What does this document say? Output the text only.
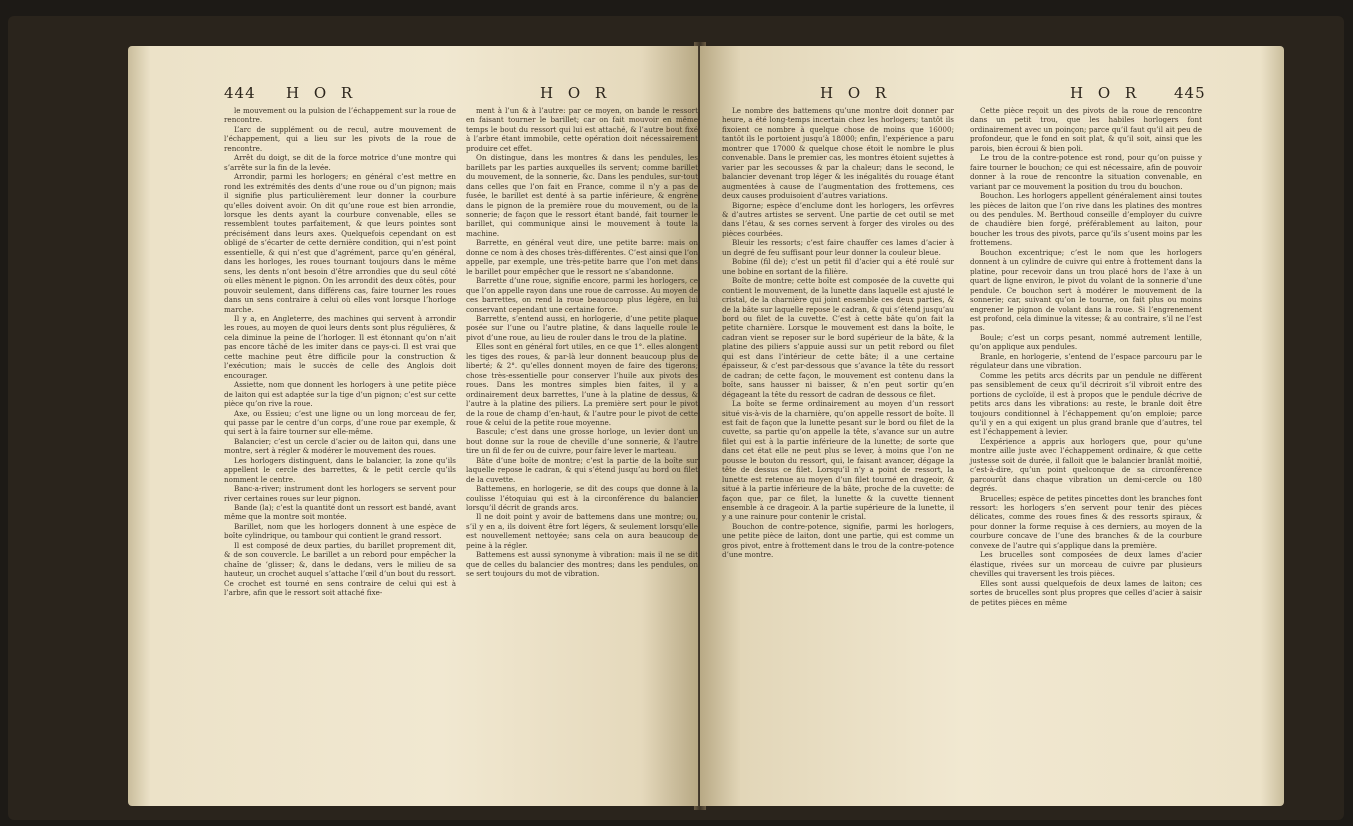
444 H O R	H O R

le mouvement ou la pulsion de l’échappement sur la roue de rencontre.

L’arc de supplément ou de recul, autre mouvement de l’échappement, qui a lieu sur les pivots de la roue de rencontre.

Arrêt du doigt, se dit de la force motrice d’une montre qui s’arrête sur la fin de la levée.

Arrondir, parmi les horlogers; en général c’est mettre en rond les extrémités des dents d’une roue ou d’un pignon; mais il signifie plus particulièrement leur donner la courbure qu’elles doivent avoir. On dit qu’une roue est bien arrondie, lorsque les dents ayant la courbure convenable, elles se ressemblent toutes parfaitement, & que leurs pointes sont précisément dans leurs axes. Quelquefois cependant on est obligé de s’écarter de cette dernière condition, qui n’est point essentielle, & qui n’est que d’agrément, parce qu’en général, dans les horloges, les roues tournant toujours dans le même sens, les dents n’ont besoin d’être arrondies que du seul côté où elles mènent le pignon. On les arrondit des deux côtés, pour pouvoir seulement, dans différens cas, faire tourner les roues dans un sens contraire à celui où elles vont lorsque l’horloge marche.

Il y a, en Angleterre, des machines qui servent à arrondir les roues, au moyen de quoi leurs dents sont plus régulières, & cela diminue la peine de l’horloger. Il est étonnant qu’on n’ait pas encore tâché de les imiter dans ce pays-ci. Il est vrai que cette machine peut être difficile pour la construction & l’exécution; mais le succès de celle des Anglois doit encourager.

Assiette, nom que donnent les horlogers à une petite pièce de laiton qui est adaptée sur la tige d’un pignon; c’est sur cette pièce qu’on rive la roue.

Axe, ou Essieu; c’est une ligne ou un long morceau de fer, qui passe par le centre d’un corps, d’une roue par exemple, & qui sert à la faire tourner sur elle-même.

Balancier; c’est un cercle d’acier ou de laiton qui, dans une montre, sert à régler & modérer le mouvement des roues.

Les horlogers distinguent, dans le balancier, la zone qu’ils appellent le cercle des barrettes, & le petit cercle qu’ils nomment le centre.

Banc-a-river; instrument dont les horlogers se servent pour river certaines roues sur leur pignon.

Bande (la); c’est la quantité dont un ressort est bandé, avant même que la montre soit montée.

Barillet, nom que les horlogers donnent à une espèce de boîte cylindrique, ou tambour qui contient le grand ressort.

Il est composé de deux parties, du barillet proprement dit, & de son couvercle. Le barillet a un rebord pour empêcher la chaîne de ’glisser; &, dans le dedans, vers le milieu de sa hauteur, un crochet auquel s’attache l’œil d’un bout du ressort. Ce crochet est tourné en sens contraire de celui qui est à l’arbre, afin que le ressort soit attaché fixe-

ment à l’un & à l’autre: par ce moyen, on bande le ressort en faisant tourner le barillet; car on fait mouvoir en même temps le bout du ressort qui lui est attaché, & l’autre bout fixé à l’arbre étant immobile, cette opération doit nécessairement produire cet effet.

On distingue, dans les montres & dans les pendules, les barillets par les parties auxquelles ils servent; comme barillet du mouvement, de la sonnerie, &c. Dans les pendules, sur-tout dans celles que l’on fait en France, comme il n’y a pas de fusée, le barillet est denté à sa partie inférieure, & engrène dans le pignon de la première roue du mouvement, ou de la sonnerie; de façon que le ressort étant bandé, fait tourner le barillet, qui communique ainsi le mouvement à toute la machine.

Barrette, en général veut dire, une petite barre: mais on donne ce nom à des choses très-différentes. C’est ainsi que l’on appelle, par exemple, une très-petite barre que l’on met dans le barillet pour empêcher que le ressort ne s’abandonne.

Barrette d’une roue, signifie encore, parmi les horlogers, ce que l’on appelle rayon dans une roue de carrosse. Au moyen de ces barrettes, on rend la roue beaucoup plus légère, en lui conservant cependant une certaine force.

Barrette, s’entend aussi, en horlogerie, d’une petite plaque posée sur l’une ou l’autre platine, & dans laquelle roule le pivot d’une roue, au lieu de rouler dans le trou de la platine.

Elles sont en général fort utiles, en ce que 1°. elles alongent les tiges des roues, & par-là leur donnent beaucoup plus de liberté; & 2°. qu’elles donnent moyen de faire des tigerons; chose très-essentielle pour conserver l’huile aux pivots des roues. Dans les montres simples bien faites, il y a ordinairement deux barrettes, l’une à la platine de dessus, & l’autre à la platine des piliers. La première sert pour le pivot de la roue de champ d’en-haut, & l’autre pour le pivot de cette roue & celui de la petite roue moyenne.

Bascule; c’est dans une grosse horloge, un levier dont un bout donne sur la roue de cheville d’une sonnerie, & l’autre tire un fil de fer ou de cuivre, pour faire lever le marteau.

Bâte d’une boîte de montre; c’est la partie de la boîte sur laquelle repose le cadran, & qui s’étend jusqu’au bord ou filet de la cuvette.

Battemens, en horlogerie, se dit des coups que donne à la coulisse l’étoquiau qui est à la circonférence du balancier lorsqu’il décrit de grands arcs.

Il ne doit point y avoir de battemens dans une montre; ou, s’il y en a, ils doivent être fort légers, & seulement lorsqu’elle est nouvellement nettoyée; sans cela on aura beaucoup de peine à la régler.

Battemens est aussi synonyme à vibration: mais il ne se dit que de celles du balancier des montres; dans les pendules, on se sert toujours du mot de vibration.

H O R	H O R 445

Le nombre des battemens qu’une montre doit donner par heure, a été long-temps incertain chez les horlogers; tantôt ils fixoient ce nombre à quelque chose de moins que 16000; tantôt ils le portoient jusqu’à 18000; enfin, l’expérience a paru montrer que 17000 & quelque chose étoit le nombre le plus convenable. Dans le premier cas, les montres étoient sujettes à varier par les secousses & par la chaleur; dans le second, le balancier devenant trop léger & les inégalités du rouage étant augmentées à cause de l’augmentation des frottemens, ces deux causes produisoient d’autres variations.

Bigorne; espèce d’enclume dont les horlogers, les orfèvres & d’autres artistes se servent. Une partie de cet outil se met dans l’étau, & ses cornes servent à forger des viroles ou des pièces courbées.

Bleuir les ressorts; c’est faire chauffer ces lames d’acier à un degré de feu suffisant pour leur donner la couleur bleue.

Bobine (fil de); c’est un petit fil d’acier qui a été roulé sur une bobine en sortant de la filière.

Boîte de montre; cette boîte est composée de la cuvette qui contient le mouvement, de la lunette dans laquelle est ajusté le cristal, de la charnière qui joint ensemble ces deux parties, & de la bâte sur laquelle repose le cadran, & qui s’étend jusqu’au bord ou filet de la cuvette. C’est à cette bâte qu’on fait la petite charnière. Lorsque le mouvement est dans la boîte, le cadran vient se reposer sur le bord supérieur de la bâte, & la platine des piliers s’appuie aussi sur un petit rebord ou filet qui est dans l’intérieur de cette bâte; il a une certaine épaisseur, & c’est par-dessous que s’avance la tête du ressort de cadran; de cette façon, le mouvement est contenu dans la boîte, sans hausser ni baisser, & n’en peut sortir qu’en dégageant la tête du ressort de cadran de dessous ce filet.

La boîte se ferme ordinairement au moyen d’un ressort situé vis-à-vis de la charnière, qu’on appelle ressort de boîte. Il est fait de façon que la lunette pesant sur le bord ou filet de la cuvette, sa partie qu’on appelle la tête, s’avance sur un autre filet qui est à la partie inférieure de la lunette; de sorte que dans cet état elle ne peut plus se lever, à moins que l’on ne pousse le bouton du ressort, qui, le faisant avancer, dégage la tête de dessus ce filet. Lorsqu’il n’y a point de ressort, la lunette est retenue au moyen d’un filet tourné en drageoir, & situé à la partie inférieure de la bâte, proche de la cuvette: de façon que, par ce filet, la lunette & la cuvette tiennent ensemble à ce drageoir. A la partie supérieure de la lunette, il y a une rainure pour contenir le cristal.

Bouchon de contre-potence, signifie, parmi les horlogers, une petite pièce de laiton, dont une partie, qui est comme un gros pivot, entre à frottement dans le trou de la contre-potence d’une montre.

Cette pièce reçoit un des pivots de la roue de rencontre dans un petit trou, que les habiles horlogers font ordinairement avec un poinçon; parce qu’il faut qu’il ait peu de profondeur, que le fond en soit plat, & qu’il soit, ainsi que les parois, bien écroui & bien poli.

Le trou de la contre-potence est rond, pour qu’on puisse y faire tourner le bouchon; ce qui est nécessaire, afin de pouvoir donner à la roue de rencontre la situation convenable, en variant par ce mouvement la position du trou du bouchon.

Bouchon. Les horlogers appellent généralement ainsi toutes les pièces de laiton que l’on rive dans les platines des montres ou des pendules. M. Berthoud conseille d’employer du cuivre de chaudière bien forgé, préférablement au laiton, pour boucher les trous des pivots, parce qu’ils s’usent moins par les frottemens.

Bouchon excentrique; c’est le nom que les horlogers donnent à un cylindre de cuivre qui entre à frottement dans la platine, pour recevoir dans un trou placé hors de l’axe à un quart de ligne environ, le pivot du volant de la sonnerie d’une pendule. Ce bouchon sert à modérer le mouvement de la sonnerie; car, suivant qu’on le tourne, on fait plus ou moins engrener le pignon de volant dans la roue. Si l’engrenement est profond, cela diminue la vitesse; & au contraire, s’il ne l’est pas.

Boule; c’est un corps pesant, nommé autrement lentille, qu’on applique aux pendules.

Branle, en horlogerie, s’entend de l’espace parcouru par le régulateur dans une vibration.

Comme les petits arcs décrits par un pendule ne diffèrent pas sensiblement de ceux qu’il décriroit s’il vibroit entre des portions de cycloïde, il est à propos que le pendule décrive de petits arcs dans les vibrations: au reste, le branle doit être toujours conditionnel à l’échappement qu’on emploie; parce qu’il y en a qui exigent un plus grand branle que d’autres, tel est l’échappement à levier.

L’expérience a appris aux horlogers que, pour qu’une montre aille juste avec l’échappement ordinaire, & que cette justesse soit de durée, il falloit que le balancier branlât moitié, c’est-à-dire, qu’un point quelconque de sa circonférence parcourût dans chaque vibration un demi-cercle ou 180 degrés.

Brucelles; espèce de petites pincettes dont les branches font ressort: les horlogers s’en servent pour tenir des pièces délicates, comme des roues fines & des ressorts spiraux, & pour donner la forme requise à ces derniers, au moyen de la courbure concave de l’une des branches & de la courbure convexe de l’autre qui s’applique dans la première.

Les brucelles sont composées de deux lames d’acier élastique, rivées sur un morceau de cuivre par plusieurs chevilles qui traversent les trois pièces.

Elles sont aussi quelquefois de deux lames de laiton; ces sortes de brucelles sont plus propres que celles d’acier à saisir de petites pièces en même
